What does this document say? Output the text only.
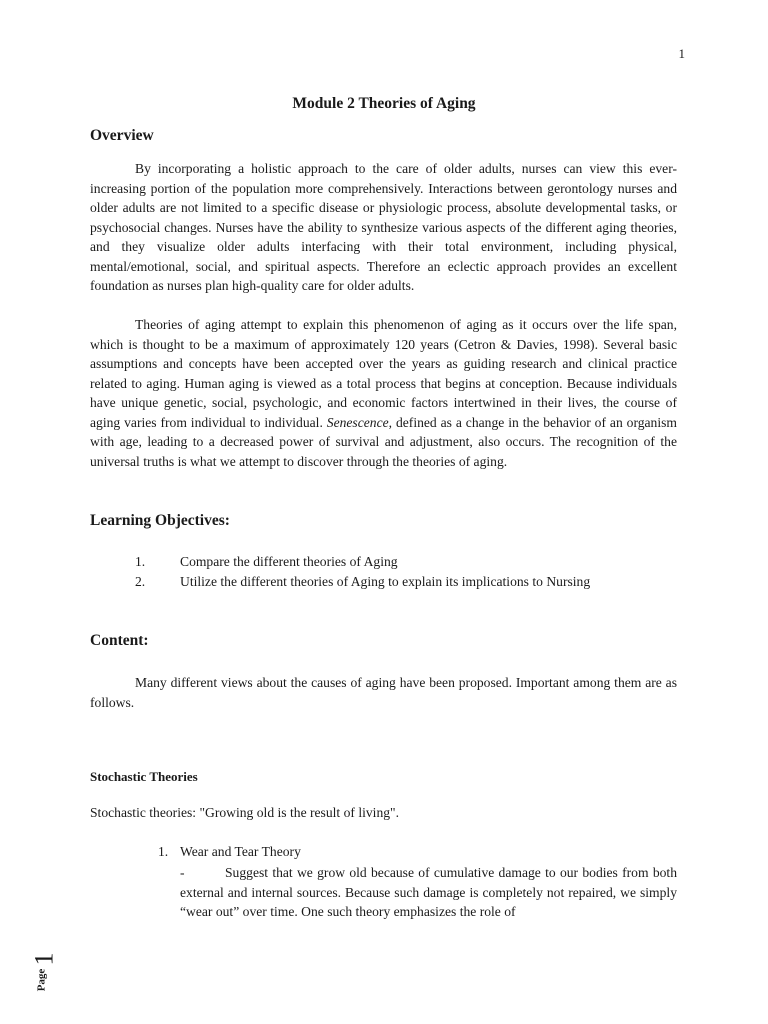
1
Module 2 Theories of Aging
Overview

By incorporating a holistic approach to the care of older adults, nurses can view this ever-increasing portion of the population more comprehensively. Interactions between gerontology nurses and older adults are not limited to a specific disease or physiologic process, absolute developmental tasks, or psychosocial changes. Nurses have the ability to synthesize various aspects of the different aging theories, and they visualize older adults interfacing with their total environment, including physical, mental/emotional, social, and spiritual aspects. Therefore an eclectic approach provides an excellent foundation as nurses plan high-quality care for older adults.

Theories of aging attempt to explain this phenomenon of aging as it occurs over the life span, which is thought to be a maximum of approximately 120 years (Cetron & Davies, 1998). Several basic assumptions and concepts have been accepted over the years as guiding research and clinical practice related to aging. Human aging is viewed as a total process that begins at conception. Because individuals have unique genetic, social, psychologic, and economic factors intertwined in their lives, the course of aging varies from individual to individual. Senescence, defined as a change in the behavior of an organism with age, leading to a decreased power of survival and adjustment, also occurs. The recognition of the universal truths is what we attempt to discover through the theories of aging.

Learning Objectives:
1.	Compare the different theories of Aging
2.	Utilize the different theories of Aging to explain its implications to Nursing
Content:

Many different views about the causes of aging have been proposed. Important among them are as follows.

Stochastic Theories
Stochastic theories: "Growing old is the result of living".
1. Wear and Tear Theory

-	Suggest that we grow old because of cumulative damage to our bodies from both external and internal sources. Because such damage is completely not repaired, we simply “wear out” over time. One such theory emphasizes the role of

Page
1
